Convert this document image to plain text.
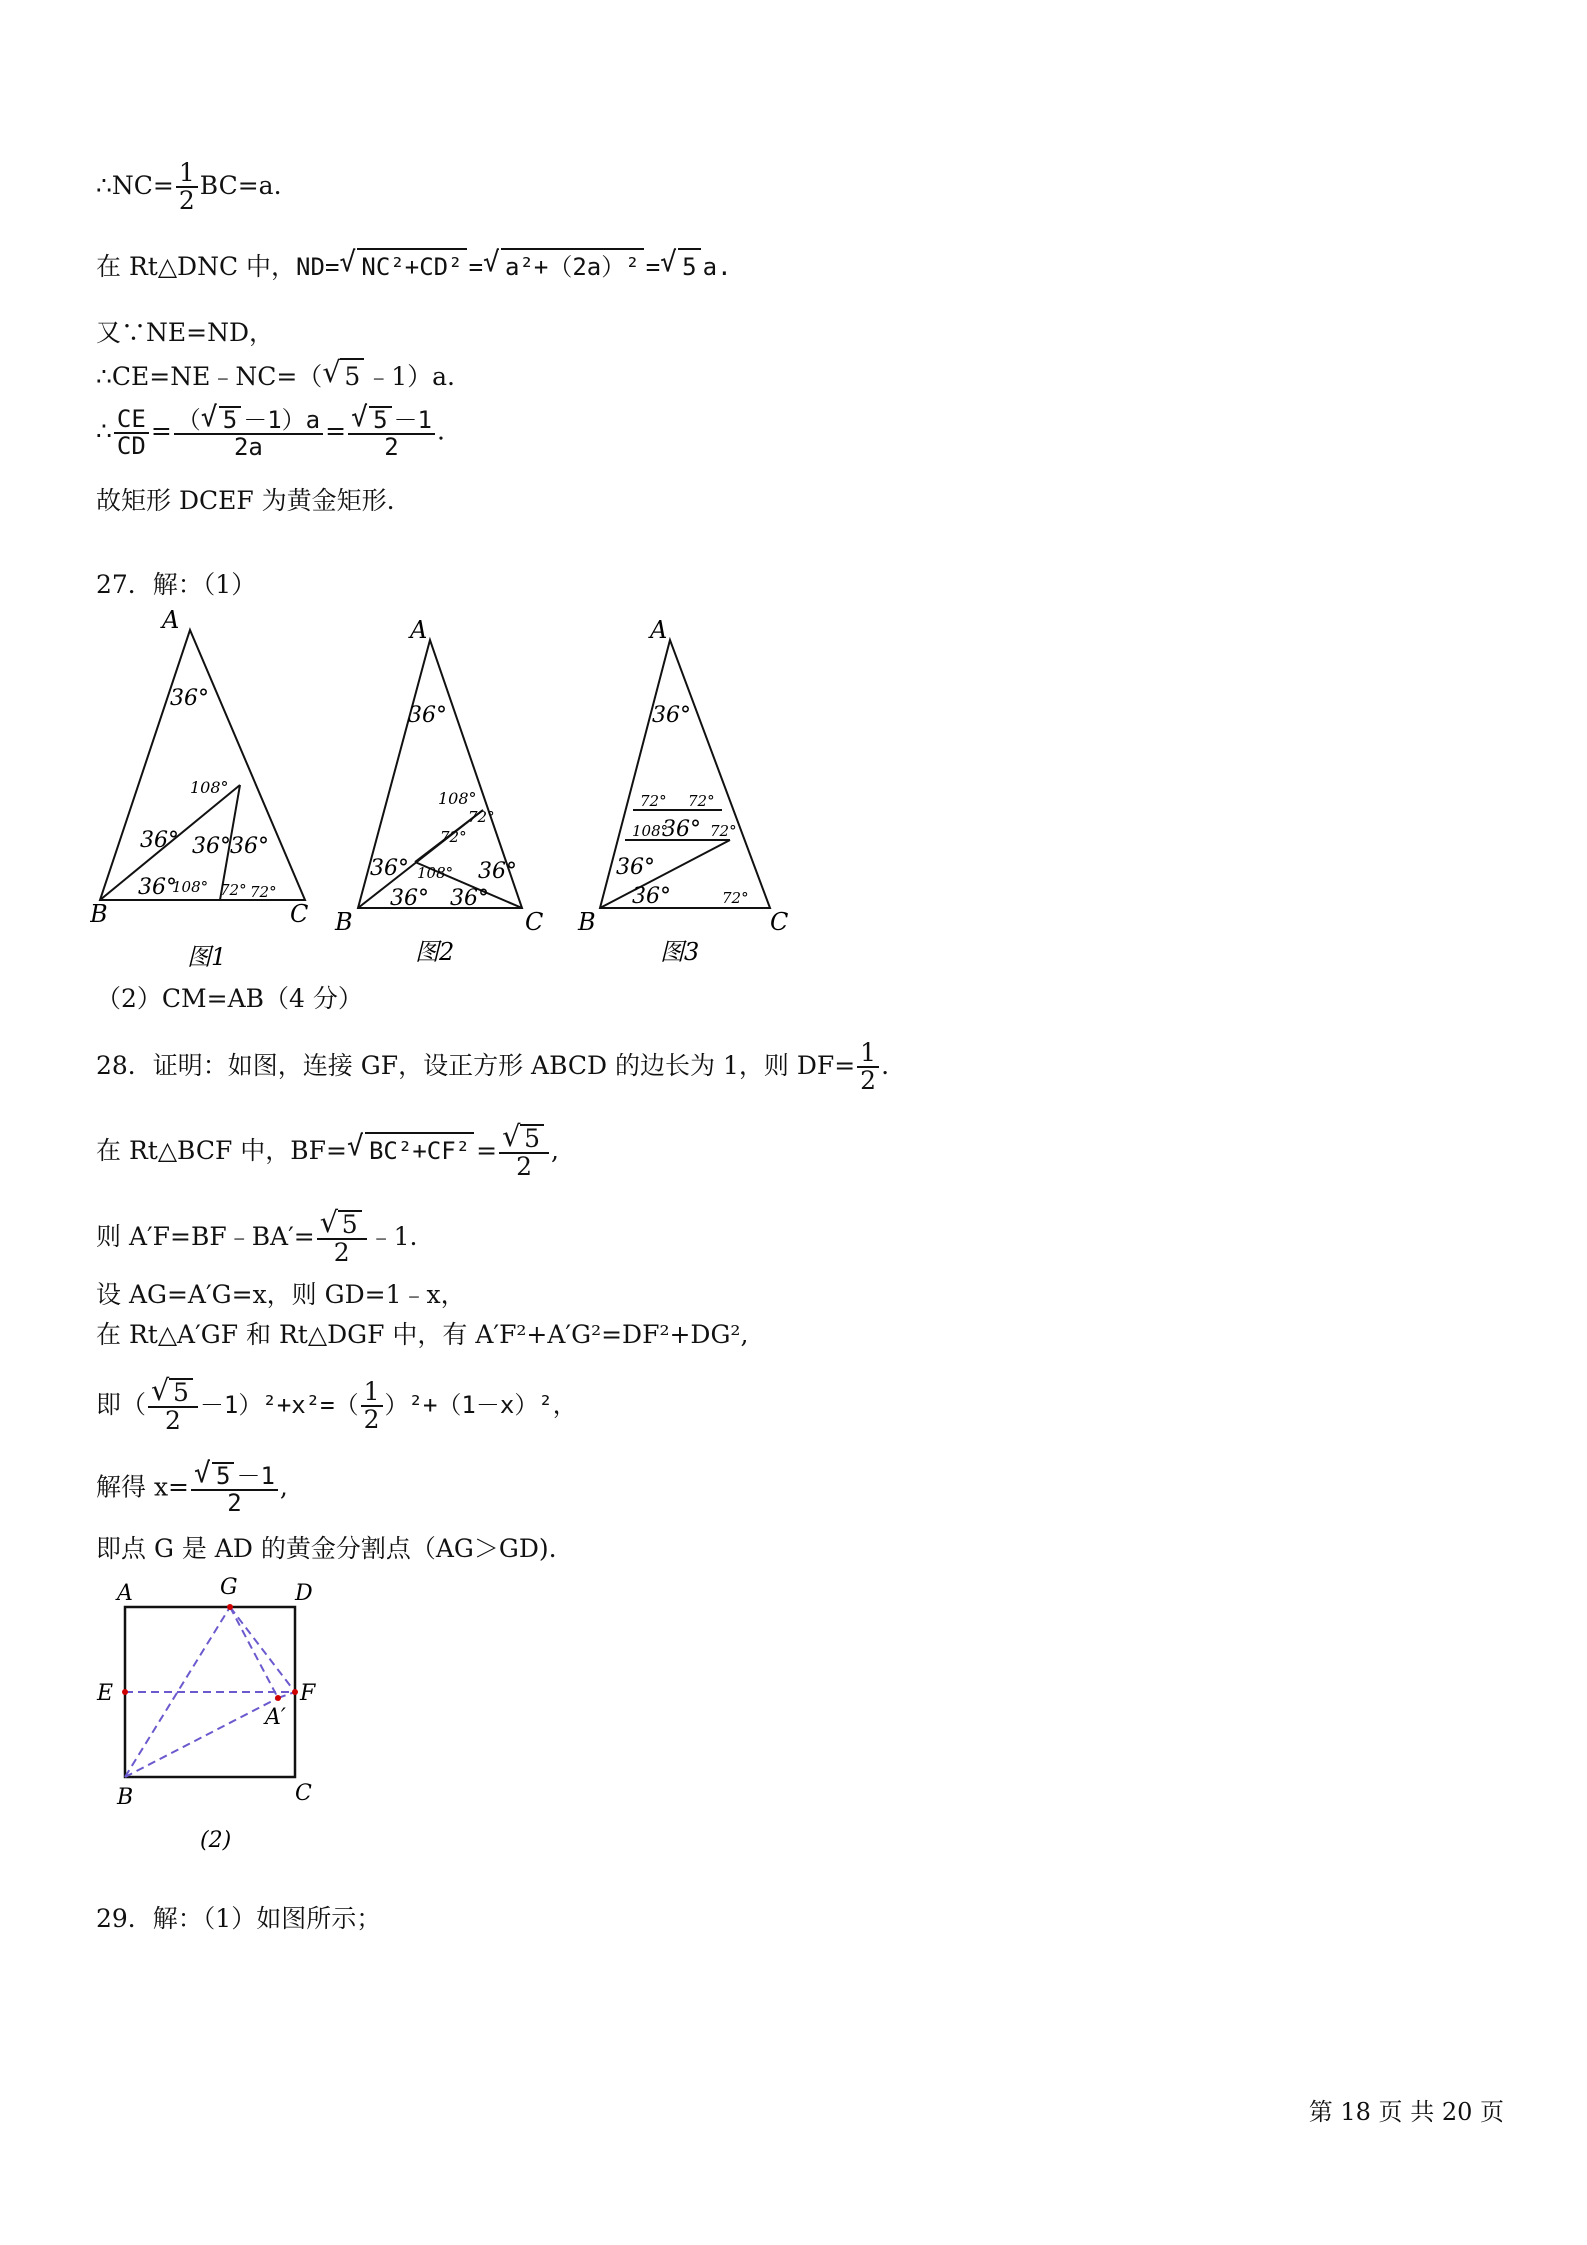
∴NC= $\frac{1}{2} BC=a$.
在 Rt△DNC 中，ND= √ NC²+CD² = √ a²+（2a）² = √ 5 a.
又∵NE=ND，
∴CE=NE﹣NC=（ √ 5 ﹣1）a.
∴ $\frac{CE}{CD} = \frac{( √ 5 -1)a}{2a}$ = √ $\frac{5 -1}{2}$ .
故矩形 DCEF 为黄金矩形.
27．解：（1）
A
B	C
36°
108°
36° 36° 36°
36°
108° 72° 72°
图1
A
B	C
36°
108°
72°
72°
36° 108° 36°
36° 36°
图2
A
B	C
36°
72° 72°
108°
36° 72°
36°
36°	72°
图3
（2）CM=AB（4 分）
28．证明：如图，连接 GF，设正方形 ABCD 的边长为 1，则 $DF= \frac{1}{2}$ .
在 Rt△BCF 中，BF= √ BC²+CF² = √ $\frac{5}{2}$ ,
则 A′F=BF﹣BA′= √ $\frac{5}{2}$ ﹣1.
设 AG=A′G=x，则 GD=1﹣x，
在 Rt△A′GF 和 Rt△DGF 中，有 A′F²+A′G²=DF²+DG²,
即（ √ $\frac{5}{2} -1)^2+x^2=( \frac{1}{2} )^2+(1-x)^2$，
解得 x= √ $\frac{5 -1}{2}$ ,
即点 G 是 AD 的黄金分割点（AG＞GD).
A	G	D
E	F
A′
B	C
(2)
29．解：（1）如图所示；
第 18 页 共 20 页
